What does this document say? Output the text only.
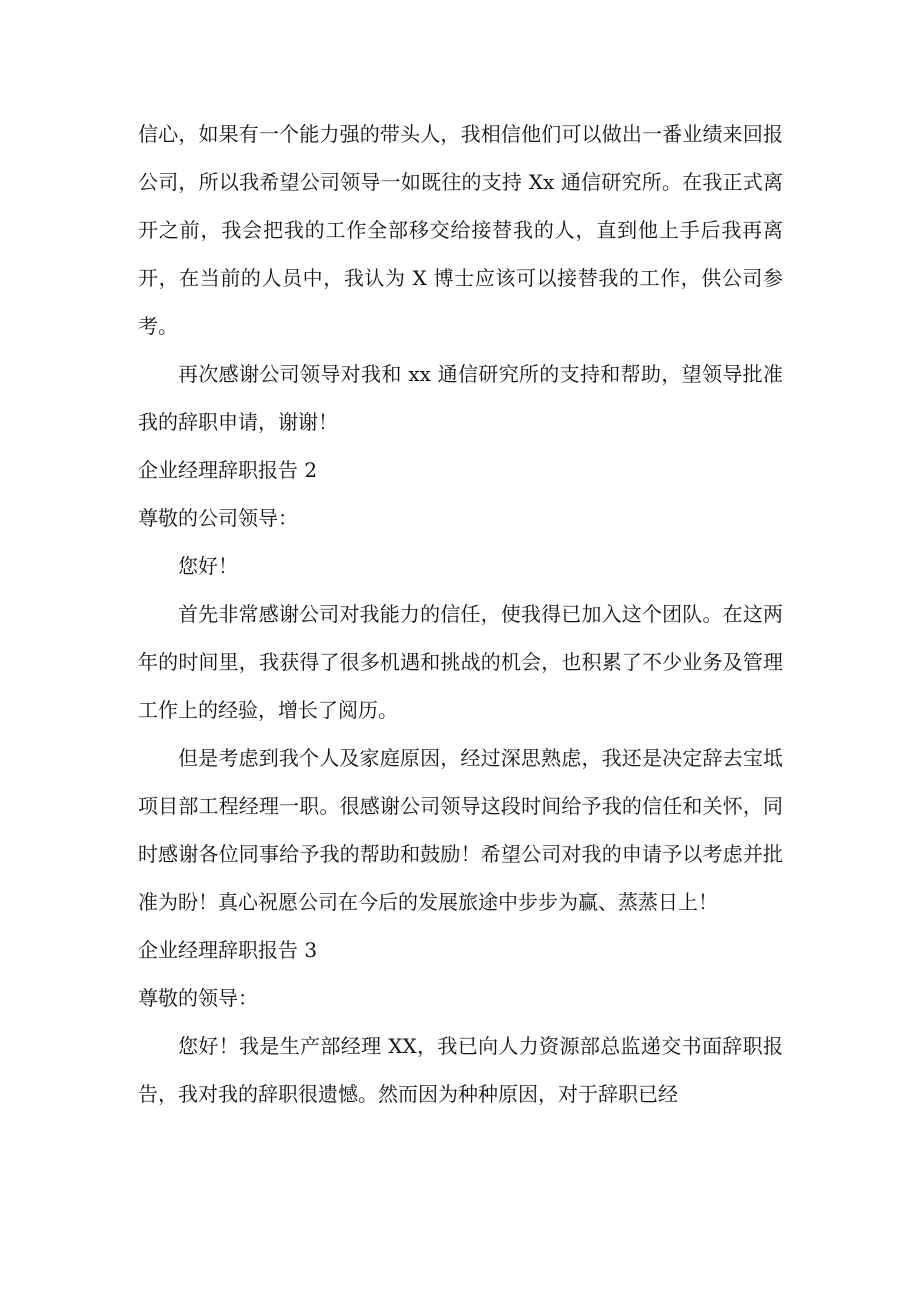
信心，如果有一个能力强的带头人，我相信他们可以做出一番业绩来回报公司，所以我希望公司领导一如既往的支持 Xx 通信研究所。在我正式离开之前，我会把我的工作全部移交给接替我的人，直到他上手后我再离开，在当前的人员中，我认为 X 博士应该可以接替我的工作，供公司参考。

再次感谢公司领导对我和 xx 通信研究所的支持和帮助，望领导批准我的辞职申请，谢谢！

企业经理辞职报告 2

尊敬的公司领导：

您好！

首先非常感谢公司对我能力的信任，使我得已加入这个团队。在这两年的时间里，我获得了很多机遇和挑战的机会，也积累了不少业务及管理工作上的经验，增长了阅历。

但是考虑到我个人及家庭原因，经过深思熟虑，我还是决定辞去宝坻项目部工程经理一职。很感谢公司领导这段时间给予我的信任和关怀，同时感谢各位同事给予我的帮助和鼓励！希望公司对我的申请予以考虑并批准为盼！真心祝愿公司在今后的发展旅途中步步为赢、蒸蒸日上！

企业经理辞职报告 3

尊敬的领导：

您好！我是生产部经理 XX，我已向人力资源部总监递交书面辞职报告，我对我的辞职很遗憾。然而因为种种原因，对于辞职已经
